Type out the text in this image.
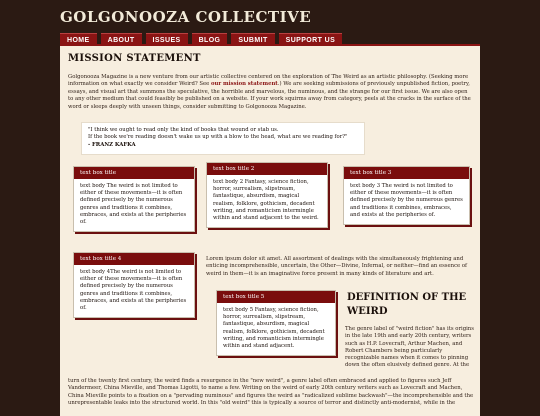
GOLGONOOZA COLLECTIVE
HOME	ABOUT	ISSUES	BLOG	SUBMIT	SUPPORT US
MISSION STATEMENT

Golgonooza Magazine is a new venture from our artistic collective centered on the exploration of The Weird as an artistic philosophy. (Seeking more information on what exactly we consider Weird? See our mission statement.) We are seeking submissions of previously unpublished fiction, poetry, essays, and visual art that summons the speculative, the horrible and marvelous, the numinous, and the strange for our first issue. We are also open to any other medium that could feasibly be published on a website. If your work squirms away from category, peels at the cracks in the surface of the word or sleeps deeply with unseen things, consider submitting to Golgonooza Magazine.

"I think we ought to read only the kind of books that wound or stab us.
If the book we're reading doesn't wake us up with a blow to the head, what are we reading for?"
- FRANZ KAFKA
text box title
text body The weird is not limited to either of these movements—it is often defined precisely by the numerous genres and traditions it combines, embraces, and exists at the peripheries of.
text box title 2
text body 2 Fantasy, science fiction, horror, surrealism, slipstream, fantastique, absurdism, magical realism, folklore, gothicism, decadent writing, and romanticism intermingle within and stand adjacent to the weird.
text box title 3
text body 3 The weird is not limited to either of these movements—it is often defined precisely by the numerous genres and traditions it combines, embraces, and exists at the peripheries of.
text box title 4
text body 4The weird is not limited to either of these movements—it is often defined precisely by the numerous genres and traditions it combines, embraces, and exists at the peripheries of.

Lorem ipsum dolor sit amet. All assortment of dealings with the simultaneously frightening and enticing incomprehensible, uncertain, the Other—Divine, Infernal, or neither—find an essence of weird in them—it is an imaginative force present in many kinds of literature and art.

text box title 5
text body 5 Fantasy, science fiction, horror, surrealism, slipstream, fantastique, absurdism, magical realism, folklore, gothicism, decadent writing, and romanticism intermingle within and stand adjacent.
DEFINITION OF THE WEIRD

The genre label of "weird fiction" has its origins in the late 19th and early 20th century, writers such as H.P. Lovecraft, Arthur Machen, and Robert Chambers being particularly recognizable names when it comes to pinning down the often elusively defined genre. At the

turn of the twenty first century, the weird finds a resurgence in the "new weird", a genre label often embraced and applied to figures such Jeff Vandermeer, China Mieville, and Thomas Ligotti, to name a few. Writing on the weird of early 20th century writers such as Lovecraft and Machen, China Mieville points to a fixation on a "pervading numinous" and figures the weird as "radicalized sublime backwash"—the incomprehensible and the unrepresentable leaks into the structured world. In this "old weird" this is typically a source of terror and distinctly anti-modernist, while in the
